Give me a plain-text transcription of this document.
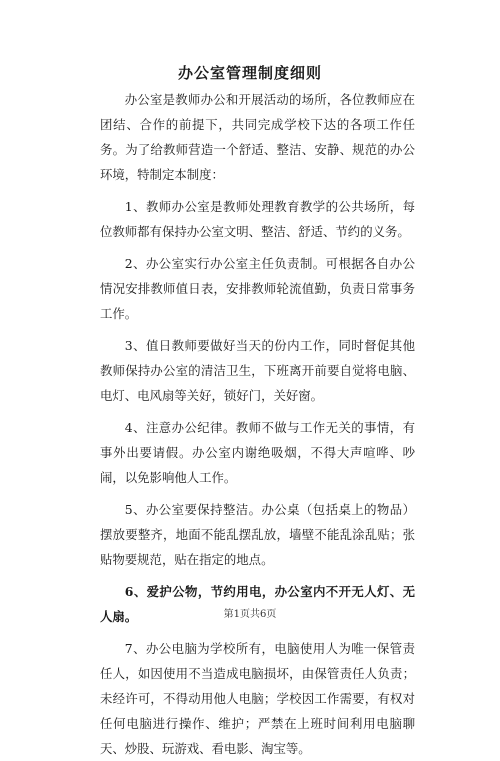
办公室管理制度细则

办公室是教师办公和开展活动的场所，各位教师应在团结、合作的前提下，共同完成学校下达的各项工作任务。为了给教师营造一个舒适、整洁、安静、规范的办公环境，特制定本制度：

1、教师办公室是教师处理教育教学的公共场所，每位教师都有保持办公室文明、整洁、舒适、节约的义务。

2、办公室实行办公室主任负责制。可根据各自办公情况安排教师值日表，安排教师轮流值勤，负责日常事务工作。

3、值日教师要做好当天的份内工作，同时督促其他教师保持办公室的清洁卫生，下班离开前要自觉将电脑、电灯、电风扇等关好，锁好门，关好窗。

4、注意办公纪律。教师不做与工作无关的事情，有事外出要请假。办公室内谢绝吸烟，不得大声喧哗、吵闹，以免影响他人工作。

5、办公室要保持整洁。办公桌（包括桌上的物品）摆放要整齐，地面不能乱摆乱放，墙壁不能乱涂乱贴；张贴物要规范，贴在指定的地点。

6、爱护公物，节约用电，办公室内不开无人灯、无人扇。

7、办公电脑为学校所有，电脑使用人为唯一保管责任人，如因使用不当造成电脑损坏，由保管责任人负责；未经许可，不得动用他人电脑；学校因工作需要，有权对任何电脑进行操作、维护；严禁在上班时间利用电脑聊天、炒股、玩游戏、看电影、淘宝等。

第1页共6页
